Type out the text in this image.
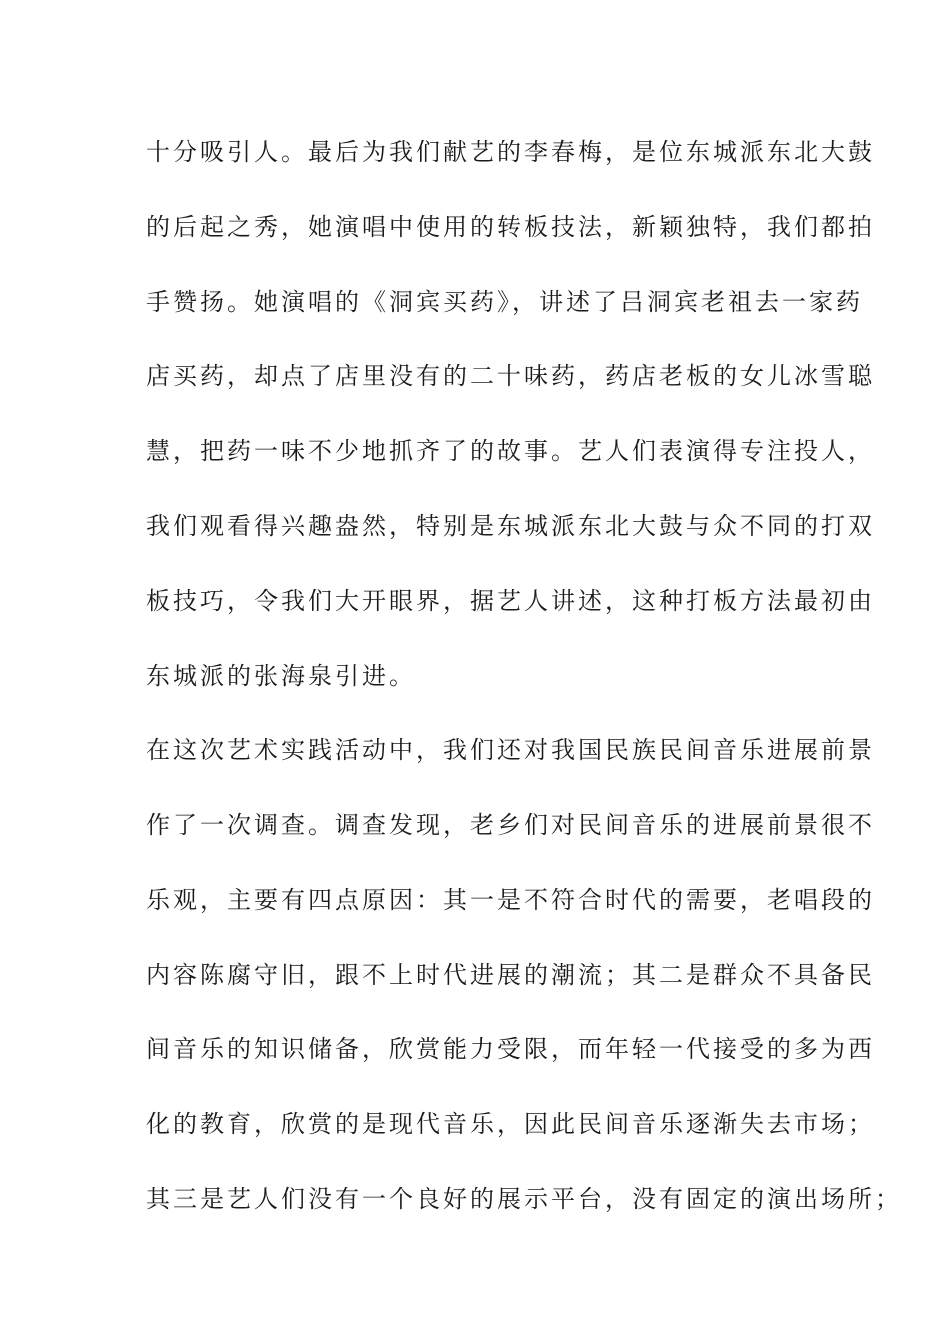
十分吸引人。最后为我们献艺的李春梅，是位东城派东北大鼓
的后起之秀，她演唱中使用的转板技法，新颖独特，我们都拍
手赞扬。她演唱的《洞宾买药》，讲述了吕洞宾老祖去一家药
店买药，却点了店里没有的二十味药，药店老板的女儿冰雪聪
慧，把药一味不少地抓齐了的故事。艺人们表演得专注投人，
我们观看得兴趣盎然，特别是东城派东北大鼓与众不同的打双
板技巧，令我们大开眼界，据艺人讲述，这种打板方法最初由
东城派的张海泉引进。
在这次艺术实践活动中，我们还对我国民族民间音乐进展前景
作了一次调查。调查发现，老乡们对民间音乐的进展前景很不
乐观，主要有四点原因：其一是不符合时代的需要，老唱段的
内容陈腐守旧，跟不上时代进展的潮流；其二是群众不具备民
间音乐的知识储备，欣赏能力受限，而年轻一代接受的多为西
化的教育，欣赏的是现代音乐，因此民间音乐逐渐失去市场；
其三是艺人们没有一个良好的展示平台，没有固定的演出场所；
